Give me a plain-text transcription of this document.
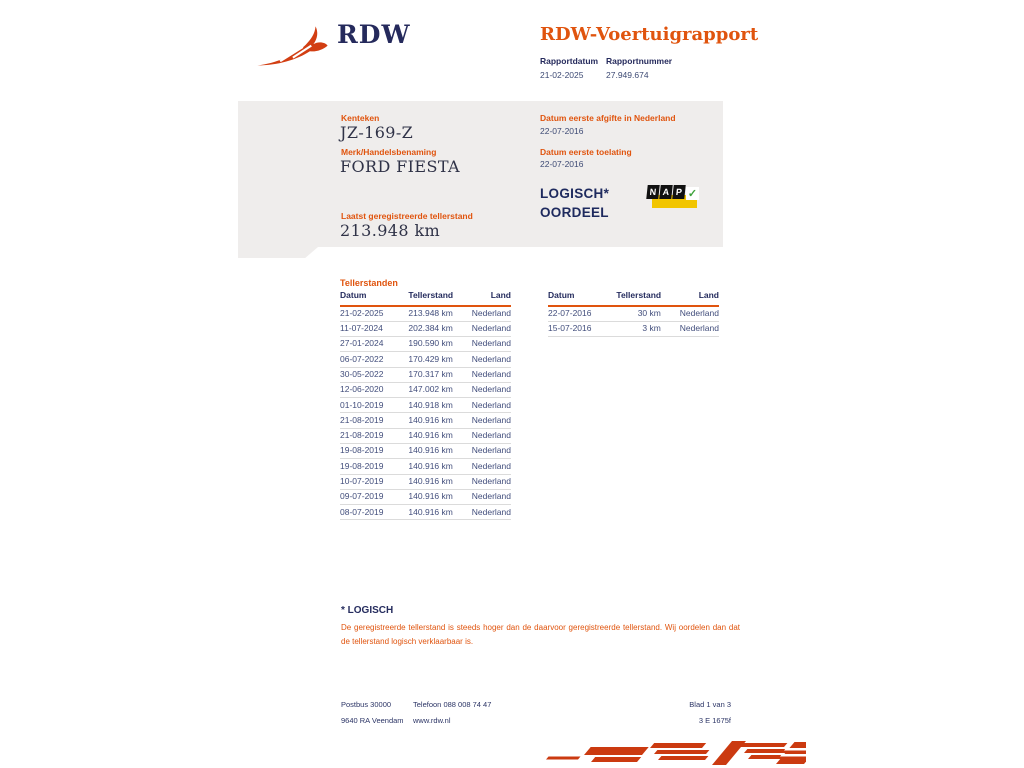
RDW	RDW-Voertuigrapport
Rapportdatum
21-02-2025
Rapportnummer
27.949.674
Kenteken
JZ-169-Z
Merk/Handelsbenaming
FORD FIESTA
Laatst geregistreerde tellerstand
213.948 km
Datum eerste afgifte in Nederland
22-07-2016
Datum eerste toelating
22-07-2016
LOGISCH*
OORDEEL
N A P ✓
Tellerstanden
Datum	Tellerstand	Land
21-02-2025	213.948 km	Nederland
11-07-2024	202.384 km	Nederland
27-01-2024	190.590 km	Nederland
06-07-2022	170.429 km	Nederland
30-05-2022	170.317 km	Nederland
12-06-2020	147.002 km	Nederland
01-10-2019	140.918 km	Nederland
21-08-2019	140.916 km	Nederland
21-08-2019	140.916 km	Nederland
19-08-2019	140.916 km	Nederland
19-08-2019	140.916 km	Nederland
10-07-2019	140.916 km	Nederland
09-07-2019	140.916 km	Nederland
08-07-2019	140.916 km	Nederland
Datum	Tellerstand	Land
22-07-2016	30 km	Nederland
15-07-2016	3 km	Nederland
* LOGISCH
De geregistreerde tellerstand is steeds hoger dan de daarvoor geregistreerde tellerstand. Wij oordelen dan dat de tellerstand logisch verklaarbaar is.
Postbus 30000
9640 RA Veendam
Telefoon 088 008 74 47
www.rdw.nl
Blad 1 van 3
3 E 1675f
